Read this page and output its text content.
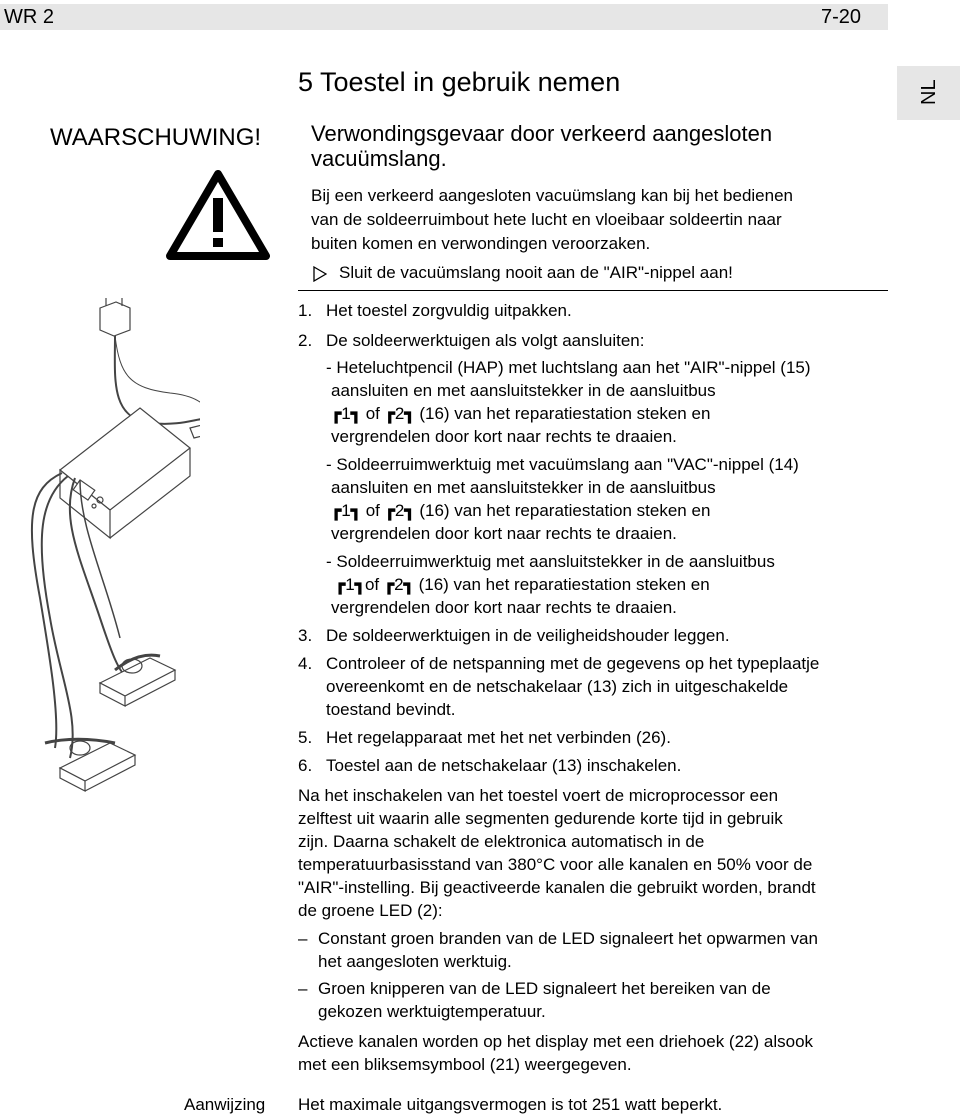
WR 2	7-20
NL
5 Toestel in gebruik nemen
WAARSCHUWING! Verwondingsgevaar door verkeerd aangesloten
vacuümslang.
Bij een verkeerd aangesloten vacuümslang kan bij het bedienen
van de soldeerruimbout hete lucht en vloeibaar soldeertin naar
buiten komen en verwondingen veroorzaken.
Sluit de vacuümslang nooit aan de "AIR"-nippel aan!
1. Het toestel zorgvuldig uitpakken.
2. De soldeerwerktuigen als volgt aansluiten:
- Heteluchtpencil (HAP) met luchtslang aan het "AIR"-nippel (15)
aansluiten en met aansluitstekker in de aansluitbus
┏1┓ of ┏2┓ (16) van het reparatiestation steken en
vergrendelen door kort naar rechts te draaien.
- Soldeerruimwerktuig met vacuümslang aan "VAC"-nippel (14)
aansluiten en met aansluitstekker in de aansluitbus
┏1┓ of ┏2┓ (16) van het reparatiestation steken en
vergrendelen door kort naar rechts te draaien.
- Soldeerruimwerktuig met aansluitstekker in de aansluitbus
┏1┓of ┏2┓ (16) van het reparatiestation steken en
vergrendelen door kort naar rechts te draaien.
3. De soldeerwerktuigen in de veiligheidshouder leggen.
4. Controleer of de netspanning met de gegevens op het typeplaatje
overeenkomt en de netschakelaar (13) zich in uitgeschakelde
toestand bevindt.
5. Het regelapparaat met het net verbinden (26).
6. Toestel aan de netschakelaar (13) inschakelen.
Na het inschakelen van het toestel voert de microprocessor een
zelftest uit waarin alle segmenten gedurende korte tijd in gebruik
zijn. Daarna schakelt de elektronica automatisch in de
temperatuurbasisstand van 380°C voor alle kanalen en 50% voor de
"AIR"-instelling. Bij geactiveerde kanalen die gebruikt worden, brandt
de groene LED (2):
– Constant groen branden van de LED signaleert het opwarmen van
het aangesloten werktuig.
– Groen knipperen van de LED signaleert het bereiken van de
gekozen werktuigtemperatuur.
Actieve kanalen worden op het display met een driehoek (22) alsook
met een bliksemsymbool (21) weergegeven.
Aanwijzing Het maximale uitgangsvermogen is tot 251 watt beperkt.
